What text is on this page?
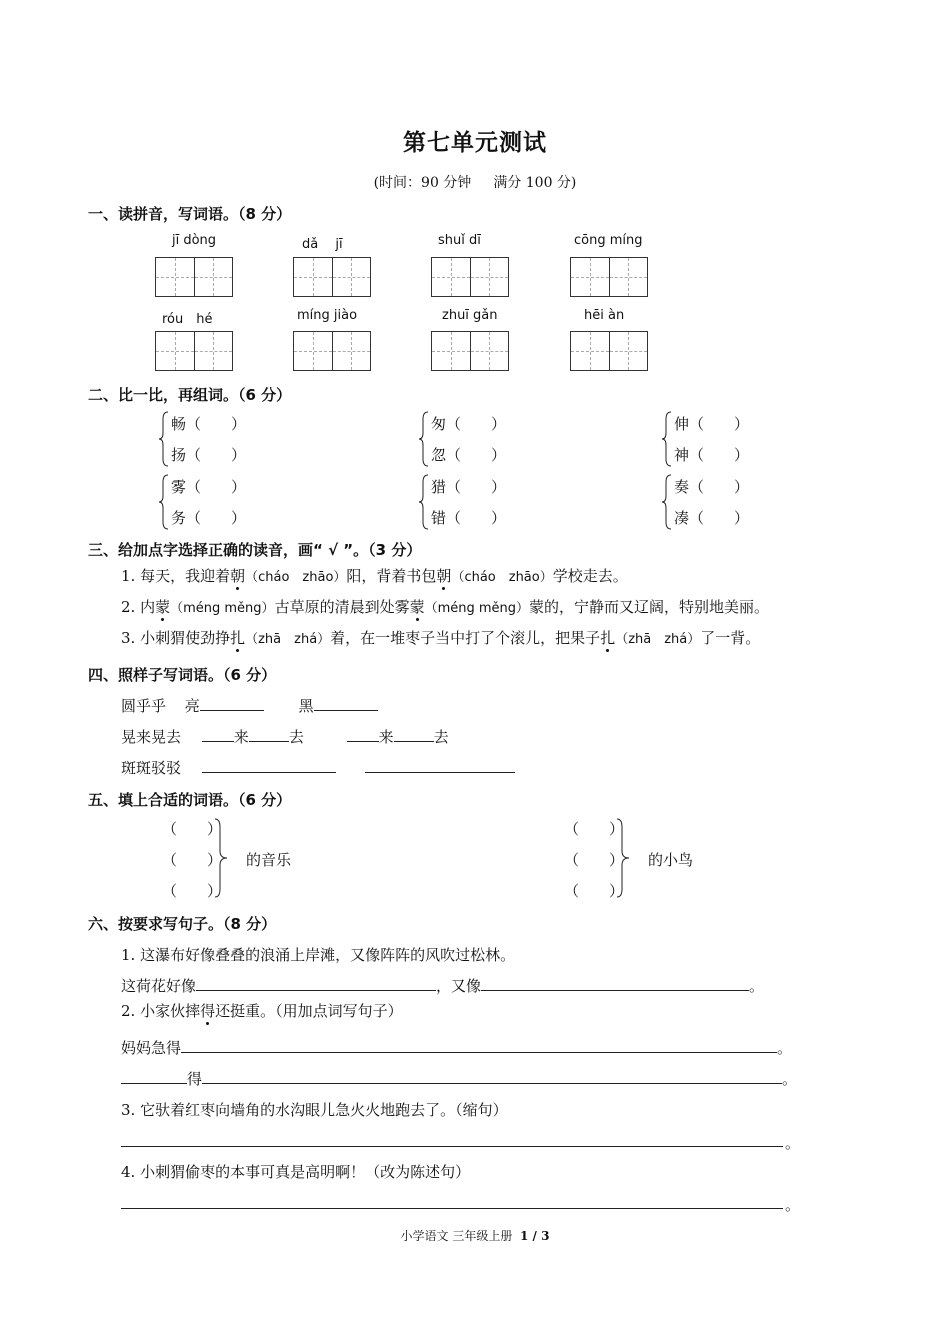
第七单元测试
(时间：90 分钟 满分 100 分)
一、读拼音，写词语。（8 分）
jī dòng	dǎ　 jī	shuǐ dī	cōng míng
róu　hé	míng jiào	zhuī gǎn	hēi àn
二、比一比，再组词。（6 分）
畅（　　）
扬（　　）
匆（　　）
忽（　　）
伸（　　）
神（　　）
雾（　　）
务（　　）
猎（　　）
错（　　）
奏（　　）
凑（　　）
三、给加点字选择正确的读音，画“ √ ”。（3 分）
1. 每天，我迎着朝（cháo　zhāo）阳，背着书包朝（cháo　zhāo）学校走去。
2. 内蒙（méng měng）古草原的清晨到处雾蒙（méng měng）蒙的，宁静而又辽阔，特别地美丽。
3. 小刺猬使劲挣扎（zhā　zhá）着，在一堆枣子当中打了个滚儿，把果子扎（zhā　zhá）了一背。
四、照样子写词语。（6 分）
圆乎乎 亮	黑
晃来晃去	来	去	来	去
斑斑驳驳
五、填上合适的词语。（6 分）
（　　）
（　　）
（　　）
的音乐
（　　）
（　　）
（　　）
的小鸟
六、按要求写句子。（8 分）
1. 这瀑布好像叠叠的浪涌上岸滩，又像阵阵的风吹过松林。
这荷花好像	，又像	。
2. 小家伙摔得还挺重。（用加点词写句子）
妈妈急得	。
得	。
3. 它驮着红枣向墙角的水沟眼儿急火火地跑去了。（缩句）
。
4. 小刺猬偷枣的本事可真是高明啊！（改为陈述句）
。
小学语文 三年级上册 1 / 3
